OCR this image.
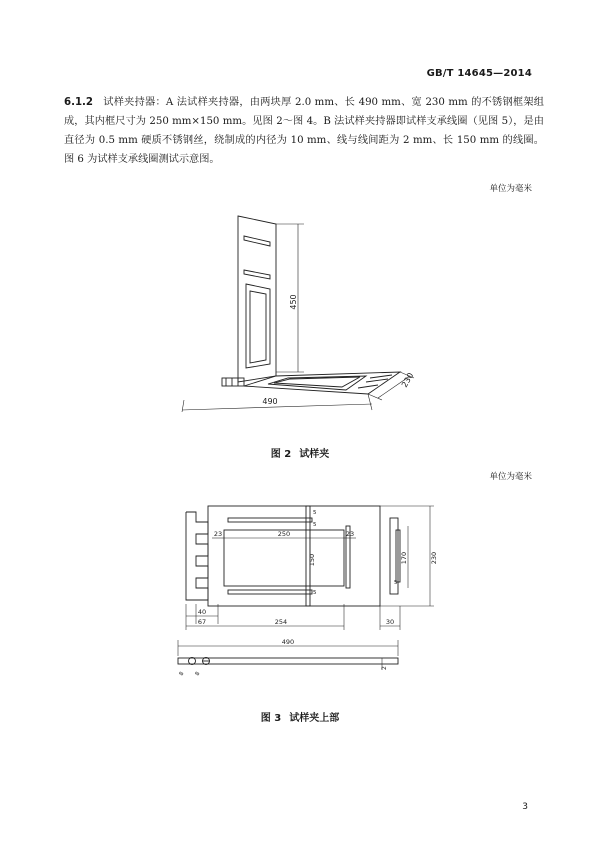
GB/T 14645—2014
6.1.2 试样夹持器：A 法试样夹持器，由两块厚 2.0 mm、长 490 mm、宽 230 mm 的不锈钢框架组成，其内框尺寸为 250 mm×150 mm。见图 2～图 4。B 法试样夹持器即试样支承线圈（见图 5），是由直径为 0.5 mm 硬质不锈钢丝，绕制成的内径为 10 mm、线与线间距为 2 mm、长 150 mm 的线圈。图 6 为试样支承线圈测试示意图。
单位为毫米
450
230
490
图 2 试样夹
单位为毫米
23	250	23
150	170	230
5
5
5
5
40
67	254	30
490
2
8 8
图 3 试样夹上部
3
